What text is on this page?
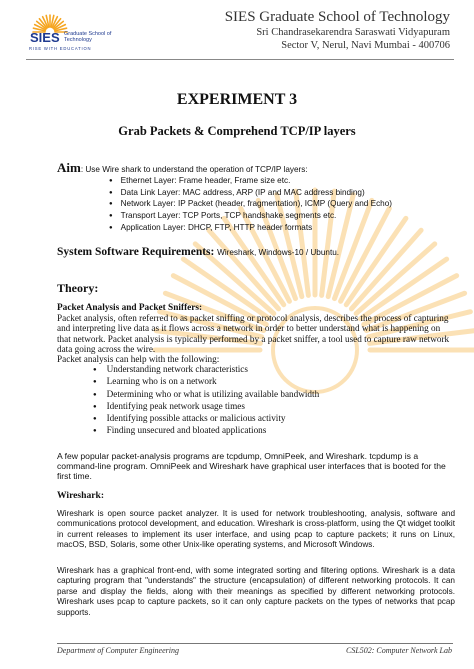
SIES Graduate School of Technology
RISE WITH EDUCATION
SIES Graduate School of Technology
Sri Chandrasekarendra Saraswati Vidyapuram
Sector V, Nerul, Navi Mumbai - 400706
EXPERIMENT 3
Grab Packets & Comprehend TCP/IP layers
Aim: Use Wire shark to understand the operation of TCP/IP layers:
● Ethernet Layer: Frame header, Frame size etc.
● Data Link Layer: MAC address, ARP (IP and MAC address binding)
● Network Layer: IP Packet (header, fragmentation), ICMP (Query and Echo)
● Transport Layer: TCP Ports, TCP handshake segments etc.
● Application Layer: DHCP, FTP, HTTP header formats
System Software Requirements: Wireshark, Windows-10 / Ubuntu.
Theory:
Packet Analysis and Packet Sniffers:
Packet analysis, often referred to as packet sniffing or protocol analysis, describes the process of capturing and interpreting live data as it flows across a network in order to better understand what is happening on that network. Packet analysis is typically performed by a packet sniffer, a tool used to capture raw network data going across the wire.
Packet analysis can help with the following:
● Understanding network characteristics
● Learning who is on a network
● Determining who or what is utilizing available bandwidth
● Identifying peak network usage times
● Identifying possible attacks or malicious activity
● Finding unsecured and bloated applications
A few popular packet-analysis programs are tcpdump, OmniPeek, and Wireshark. tcpdump is a command-line program. OmniPeek and Wireshark have graphical user interfaces that is booted for the first time.
Wireshark:
Wireshark is open source packet analyzer. It is used for network troubleshooting, analysis, software and communications protocol development, and education. Wireshark is cross-platform, using the Qt widget toolkit in current releases to implement its user interface, and using pcap to capture packets; it runs on Linux, macOS, BSD, Solaris, some other Unix-like operating systems, and Microsoft Windows.
Wireshark has a graphical front-end, with some integrated sorting and filtering options. Wireshark is a data capturing program that "understands" the structure (encapsulation) of different networking protocols. It can parse and display the fields, along with their meanings as specified by different networking protocols. Wireshark uses pcap to capture packets, so it can only capture packets on the types of networks that pcap supports.
Department of Computer Engineering	CSL502: Computer Network Lab
